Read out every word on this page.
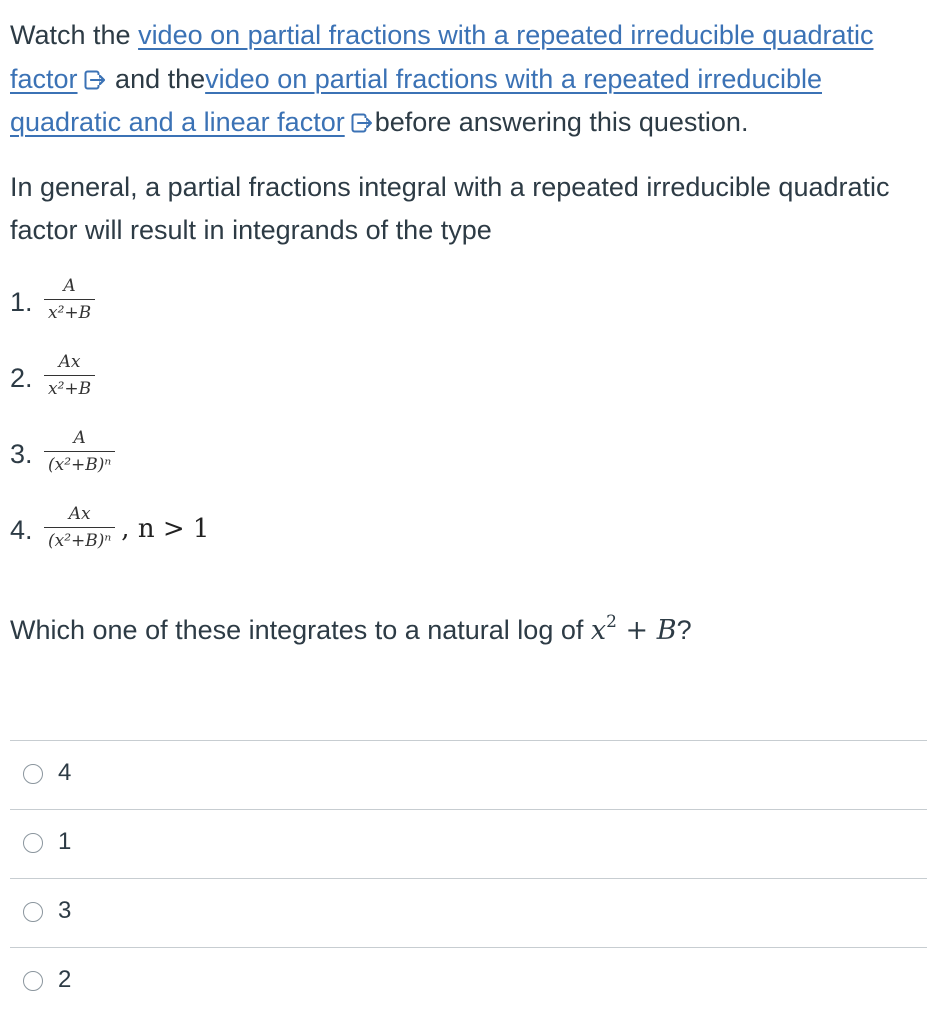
Watch the video on partial fractions with a repeated irreducible quadratic factor and thevideo on partial fractions with a repeated irreducible quadratic and a linear factor before answering this question.

In general, a partial fractions integral with a repeated irreducible quadratic factor will result in integrands of the type

1. $\frac{A}{\text{x²+B}}$
2. $\frac{Ax}{\text{x²+B}}$
3. $\frac{A}{\text{(x²+B)ⁿ}}$
4. $\frac{Ax}{\text{(x²+B)ⁿ}}$ , n > 1
Which one of these integrates to a natural log of $x^2 + B$?
4
1
3
2
